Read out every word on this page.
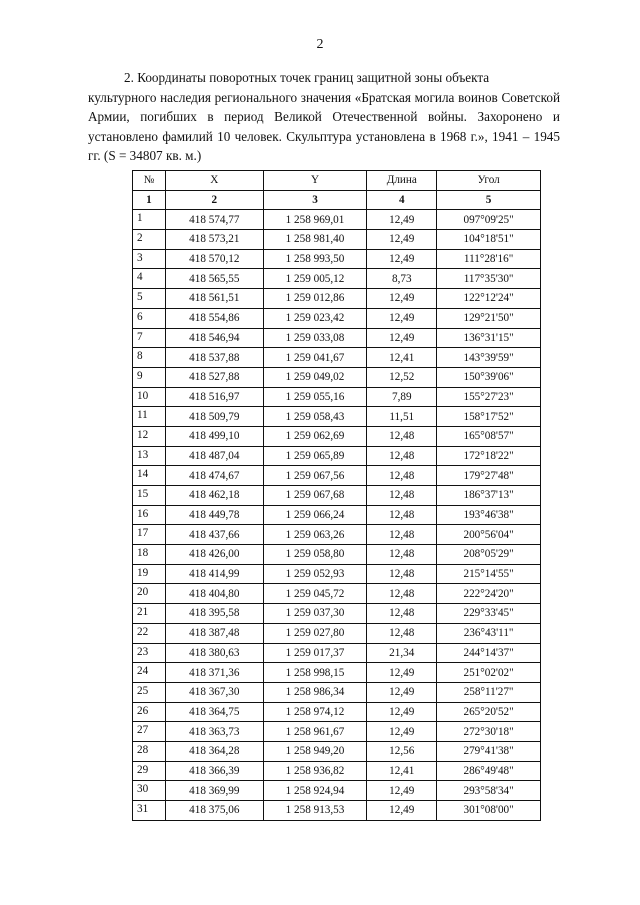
2
2. Координаты поворотных точек границ защитной зоны объекта
культурного наследия регионального значения «Братская могила воинов Советской Армии, погибших в период Великой Отечественной войны. Захоронено и установлено фамилий 10 человек. Скульптура установлена в 1968 г.», 1941 – 1945 гг. (S = 34807 кв. м.)
№	X	Y	Длина	Угол
1	2	3	4	5
1	418 574,77	1 258 969,01	12,49	097°09'25"
2	418 573,21	1 258 981,40	12,49	104°18'51"
3	418 570,12	1 258 993,50	12,49	111°28'16"
4	418 565,55	1 259 005,12	8,73	117°35'30"
5	418 561,51	1 259 012,86	12,49	122°12'24"
6	418 554,86	1 259 023,42	12,49	129°21'50"
7	418 546,94	1 259 033,08	12,49	136°31'15"
8	418 537,88	1 259 041,67	12,41	143°39'59"
9	418 527,88	1 259 049,02	12,52	150°39'06"
10	418 516,97	1 259 055,16	7,89	155°27'23"
11	418 509,79	1 259 058,43	11,51	158°17'52"
12	418 499,10	1 259 062,69	12,48	165°08'57"
13	418 487,04	1 259 065,89	12,48	172°18'22"
14	418 474,67	1 259 067,56	12,48	179°27'48"
15	418 462,18	1 259 067,68	12,48	186°37'13"
16	418 449,78	1 259 066,24	12,48	193°46'38"
17	418 437,66	1 259 063,26	12,48	200°56'04"
18	418 426,00	1 259 058,80	12,48	208°05'29"
19	418 414,99	1 259 052,93	12,48	215°14'55"
20	418 404,80	1 259 045,72	12,48	222°24'20"
21	418 395,58	1 259 037,30	12,48	229°33'45"
22	418 387,48	1 259 027,80	12,48	236°43'11"
23	418 380,63	1 259 017,37	21,34	244°14'37"
24	418 371,36	1 258 998,15	12,49	251°02'02"
25	418 367,30	1 258 986,34	12,49	258°11'27"
26	418 364,75	1 258 974,12	12,49	265°20'52"
27	418 363,73	1 258 961,67	12,49	272°30'18"
28	418 364,28	1 258 949,20	12,56	279°41'38"
29	418 366,39	1 258 936,82	12,41	286°49'48"
30	418 369,99	1 258 924,94	12,49	293°58'34"
31	418 375,06	1 258 913,53	12,49	301°08'00"
